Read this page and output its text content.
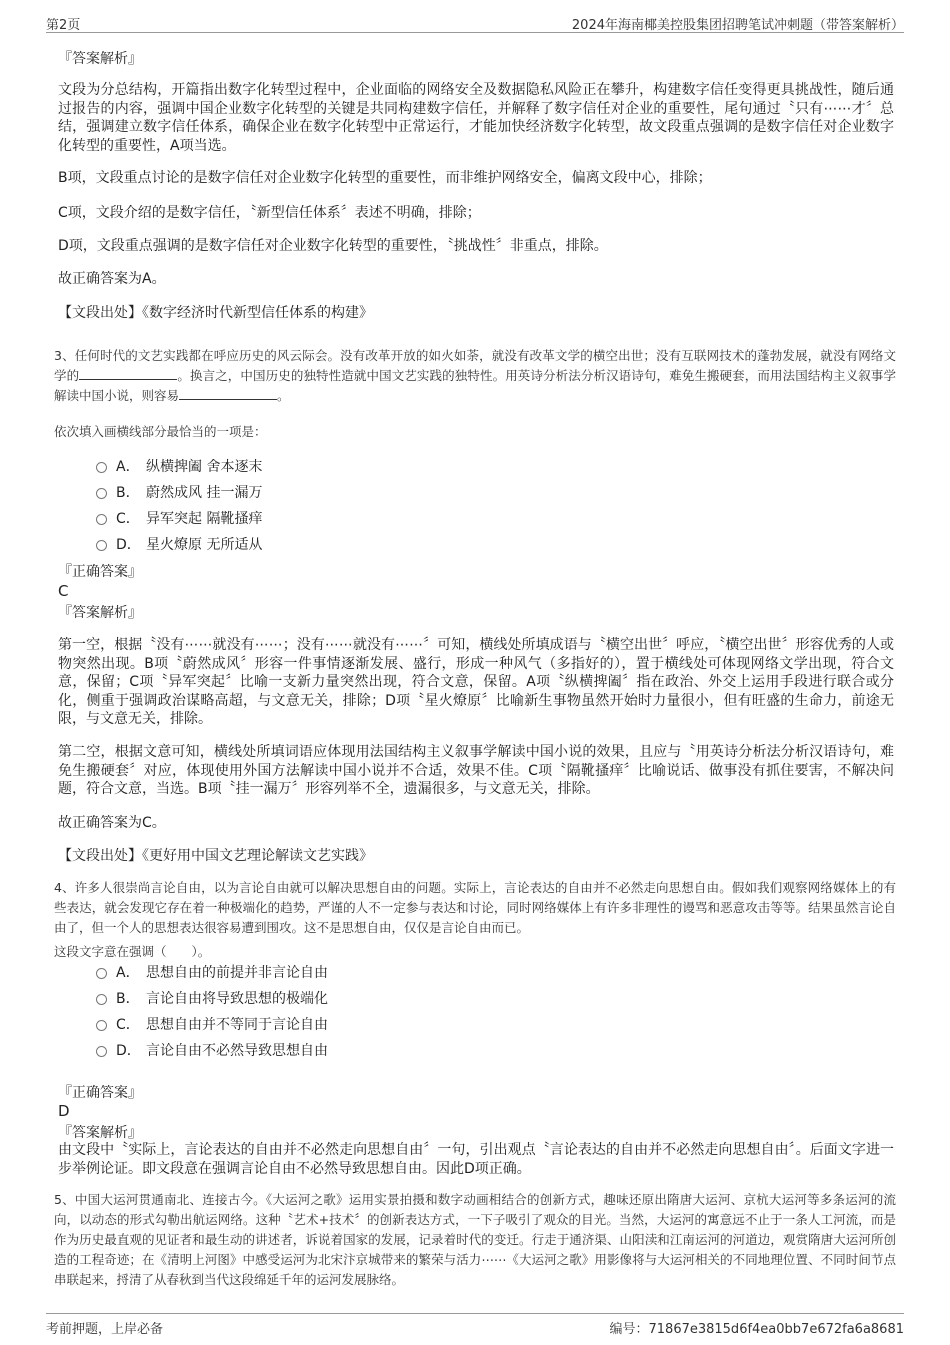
第2页	2024年海南椰美控股集团招聘笔试冲刺题（带答案解析）
『答案解析』
文段为分总结构，开篇指出数字化转型过程中，企业面临的网络安全及数据隐私风险正在攀升，构建数字信任变得更具挑战性，随后通过报告的内容，强调中国企业数字化转型的关键是共同构建数字信任，并解释了数字信任对企业的重要性，尾句通过〝只有⋯⋯才〞总结，强调建立数字信任体系，确保企业在数字化转型中正常运行，才能加快经济数字化转型，故文段重点强调的是数字信任对企业数字化转型的重要性，A项当选。
B项，文段重点讨论的是数字信任对企业数字化转型的重要性，而非维护网络安全，偏离文段中心，排除；
C项，文段介绍的是数字信任，〝新型信任体系〞表述不明确，排除；
D项，文段重点强调的是数字信任对企业数字化转型的重要性，〝挑战性〞非重点，排除。
故正确答案为A。
【文段出处】《数字经济时代新型信任体系的构建》
3、任何时代的文艺实践都在呼应历史的风云际会。没有改革开放的如火如荼，就没有改革文学的横空出世；没有互联网技术的蓬勃发展，就没有网络文学的	。换言之，中国历史的独特性造就中国文艺实践的独特性。用英诗分析法分析汉语诗句，难免生搬硬套，而用法国结构主义叙事学解读中国小说，则容易	。
依次填入画横线部分最恰当的一项是：
A． 纵横捭阖 舍本逐末
B． 蔚然成风 挂一漏万
C． 异军突起 隔靴搔痒
D． 星火燎原 无所适从
『正确答案』
C
『答案解析』
第一空，根据〝没有⋯⋯就没有⋯⋯；没有⋯⋯就没有⋯⋯〞可知，横线处所填成语与〝横空出世〞呼应，〝横空出世〞形容优秀的人或物突然出现。B项〝蔚然成风〞形容一件事情逐渐发展、盛行，形成一种风气（多指好的），置于横线处可体现网络文学出现，符合文意，保留；C项〝异军突起〞比喻一支新力量突然出现，符合文意，保留。A项〝纵横捭阖〞指在政治、外交上运用手段进行联合或分化，侧重于强调政治谋略高超，与文意无关，排除；D项〝星火燎原〞比喻新生事物虽然开始时力量很小，但有旺盛的生命力，前途无限，与文意无关，排除。
第二空，根据文意可知，横线处所填词语应体现用法国结构主义叙事学解读中国小说的效果，且应与〝用英诗分析法分析汉语诗句，难免生搬硬套〞对应，体现使用外国方法解读中国小说并不合适，效果不佳。C项〝隔靴搔痒〞比喻说话、做事没有抓住要害，不解决问题，符合文意，当选。B项〝挂一漏万〞形容列举不全，遗漏很多，与文意无关，排除。
故正确答案为C。
【文段出处】《更好用中国文艺理论解读文艺实践》
4、许多人很崇尚言论自由，以为言论自由就可以解决思想自由的问题。实际上，言论表达的自由并不必然走向思想自由。假如我们观察网络媒体上的有些表达，就会发现它存在着一种极端化的趋势，严谨的人不一定参与表达和讨论，同时网络媒体上有许多非理性的谩骂和恶意攻击等等。结果虽然言论自由了，但一个人的思想表达很容易遭到围攻。这不是思想自由，仅仅是言论自由而已。
这段文字意在强调（　　）。
A． 思想自由的前提并非言论自由
B． 言论自由将导致思想的极端化
C． 思想自由并不等同于言论自由
D． 言论自由不必然导致思想自由
『正确答案』
D
『答案解析』
由文段中〝实际上，言论表达的自由并不必然走向思想自由〞一句，引出观点〝言论表达的自由并不必然走向思想自由〞。后面文字进一步举例论证。即文段意在强调言论自由不必然导致思想自由。因此D项正确。
5、中国大运河贯通南北、连接古今。《大运河之歌》运用实景拍摄和数字动画相结合的创新方式，趣味还原出隋唐大运河、京杭大运河等多条运河的流向，以动态的形式勾勒出航运网络。这种〝艺术+技术〞的创新表达方式，一下子吸引了观众的目光。当然，大运河的寓意远不止于一条人工河流，而是作为历史最直观的见证者和最生动的讲述者，诉说着国家的发展，记录着时代的变迁。行走于通济渠、山阳渎和江南运河的河道边，观赏隋唐大运河所创造的工程奇迹；在《清明上河图》中感受运河为北宋汴京城带来的繁荣与活力⋯⋯《大运河之歌》用影像将与大运河相关的不同地理位置、不同时间节点串联起来，捋清了从春秋到当代这段绵延千年的运河发展脉络。
考前押题，上岸必备	编号：71867e3815d6f4ea0bb7e672fa6a8681
